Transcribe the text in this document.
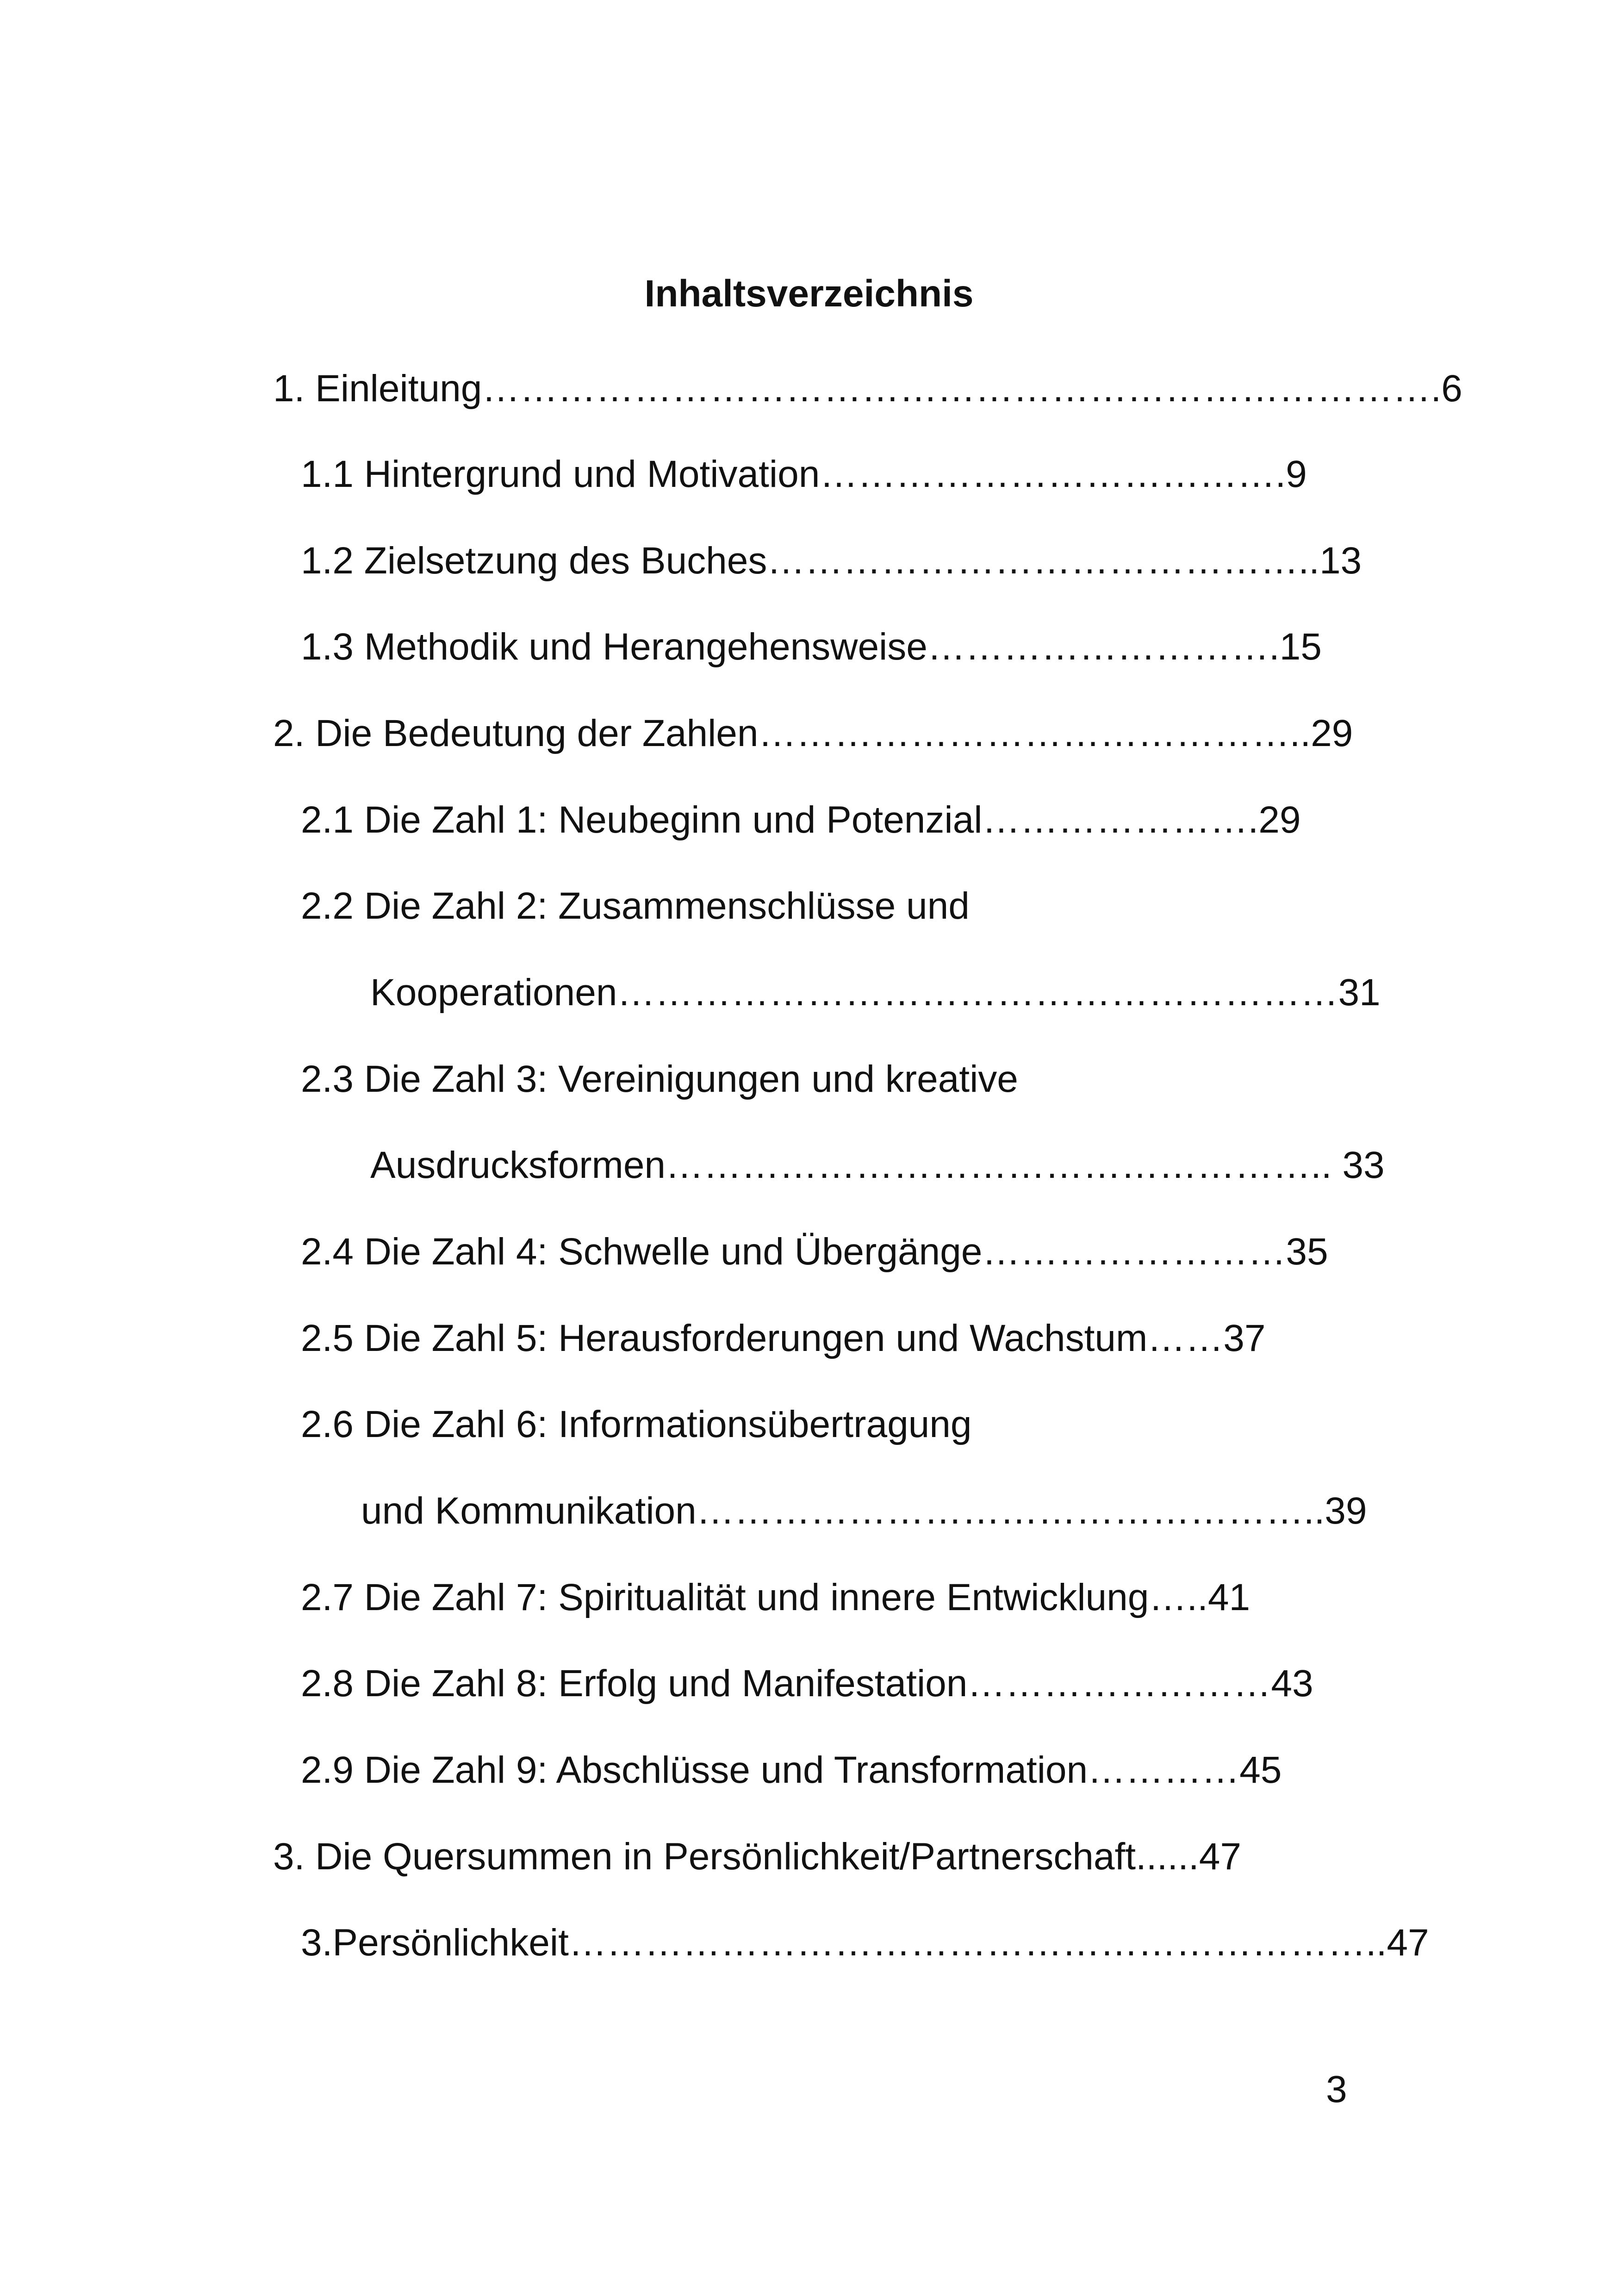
Inhaltsverzeichnis
1. Einleitung………………………………………………………………….6
1.1 Hintergrund und Motivation……………………………….9
1.2 Zielsetzung des Buches……………………………………..13
1.3 Methodik und Herangehensweise……………………….15
2. Die Bedeutung der Zahlen……………………………………..29
2.1 Die Zahl 1: Neubeginn und Potenzial………………….29
2.2 Die Zahl 2: Zusammenschlüsse und
Kooperationen…………………………………………………31
2.3 Die Zahl 3: Vereinigungen und kreative
Ausdrucksformen…………………………………………….. 33
2.4 Die Zahl 4: Schwelle und Übergänge……………………35
2.5 Die Zahl 5: Herausforderungen und Wachstum……37
2.6 Die Zahl 6: Informationsübertragung
und Kommunikation…………………………………………..39
2.7 Die Zahl 7: Spiritualität und innere Entwicklung…..41
2.8 Die Zahl 8: Erfolg und Manifestation……………………43
2.9 Die Zahl 9: Abschlüsse und Transformation…………45
3. Die Quersummen in Persönlichkeit/Partnerschaft......47
3.Persönlichkeit………………………………………………………..47
3
